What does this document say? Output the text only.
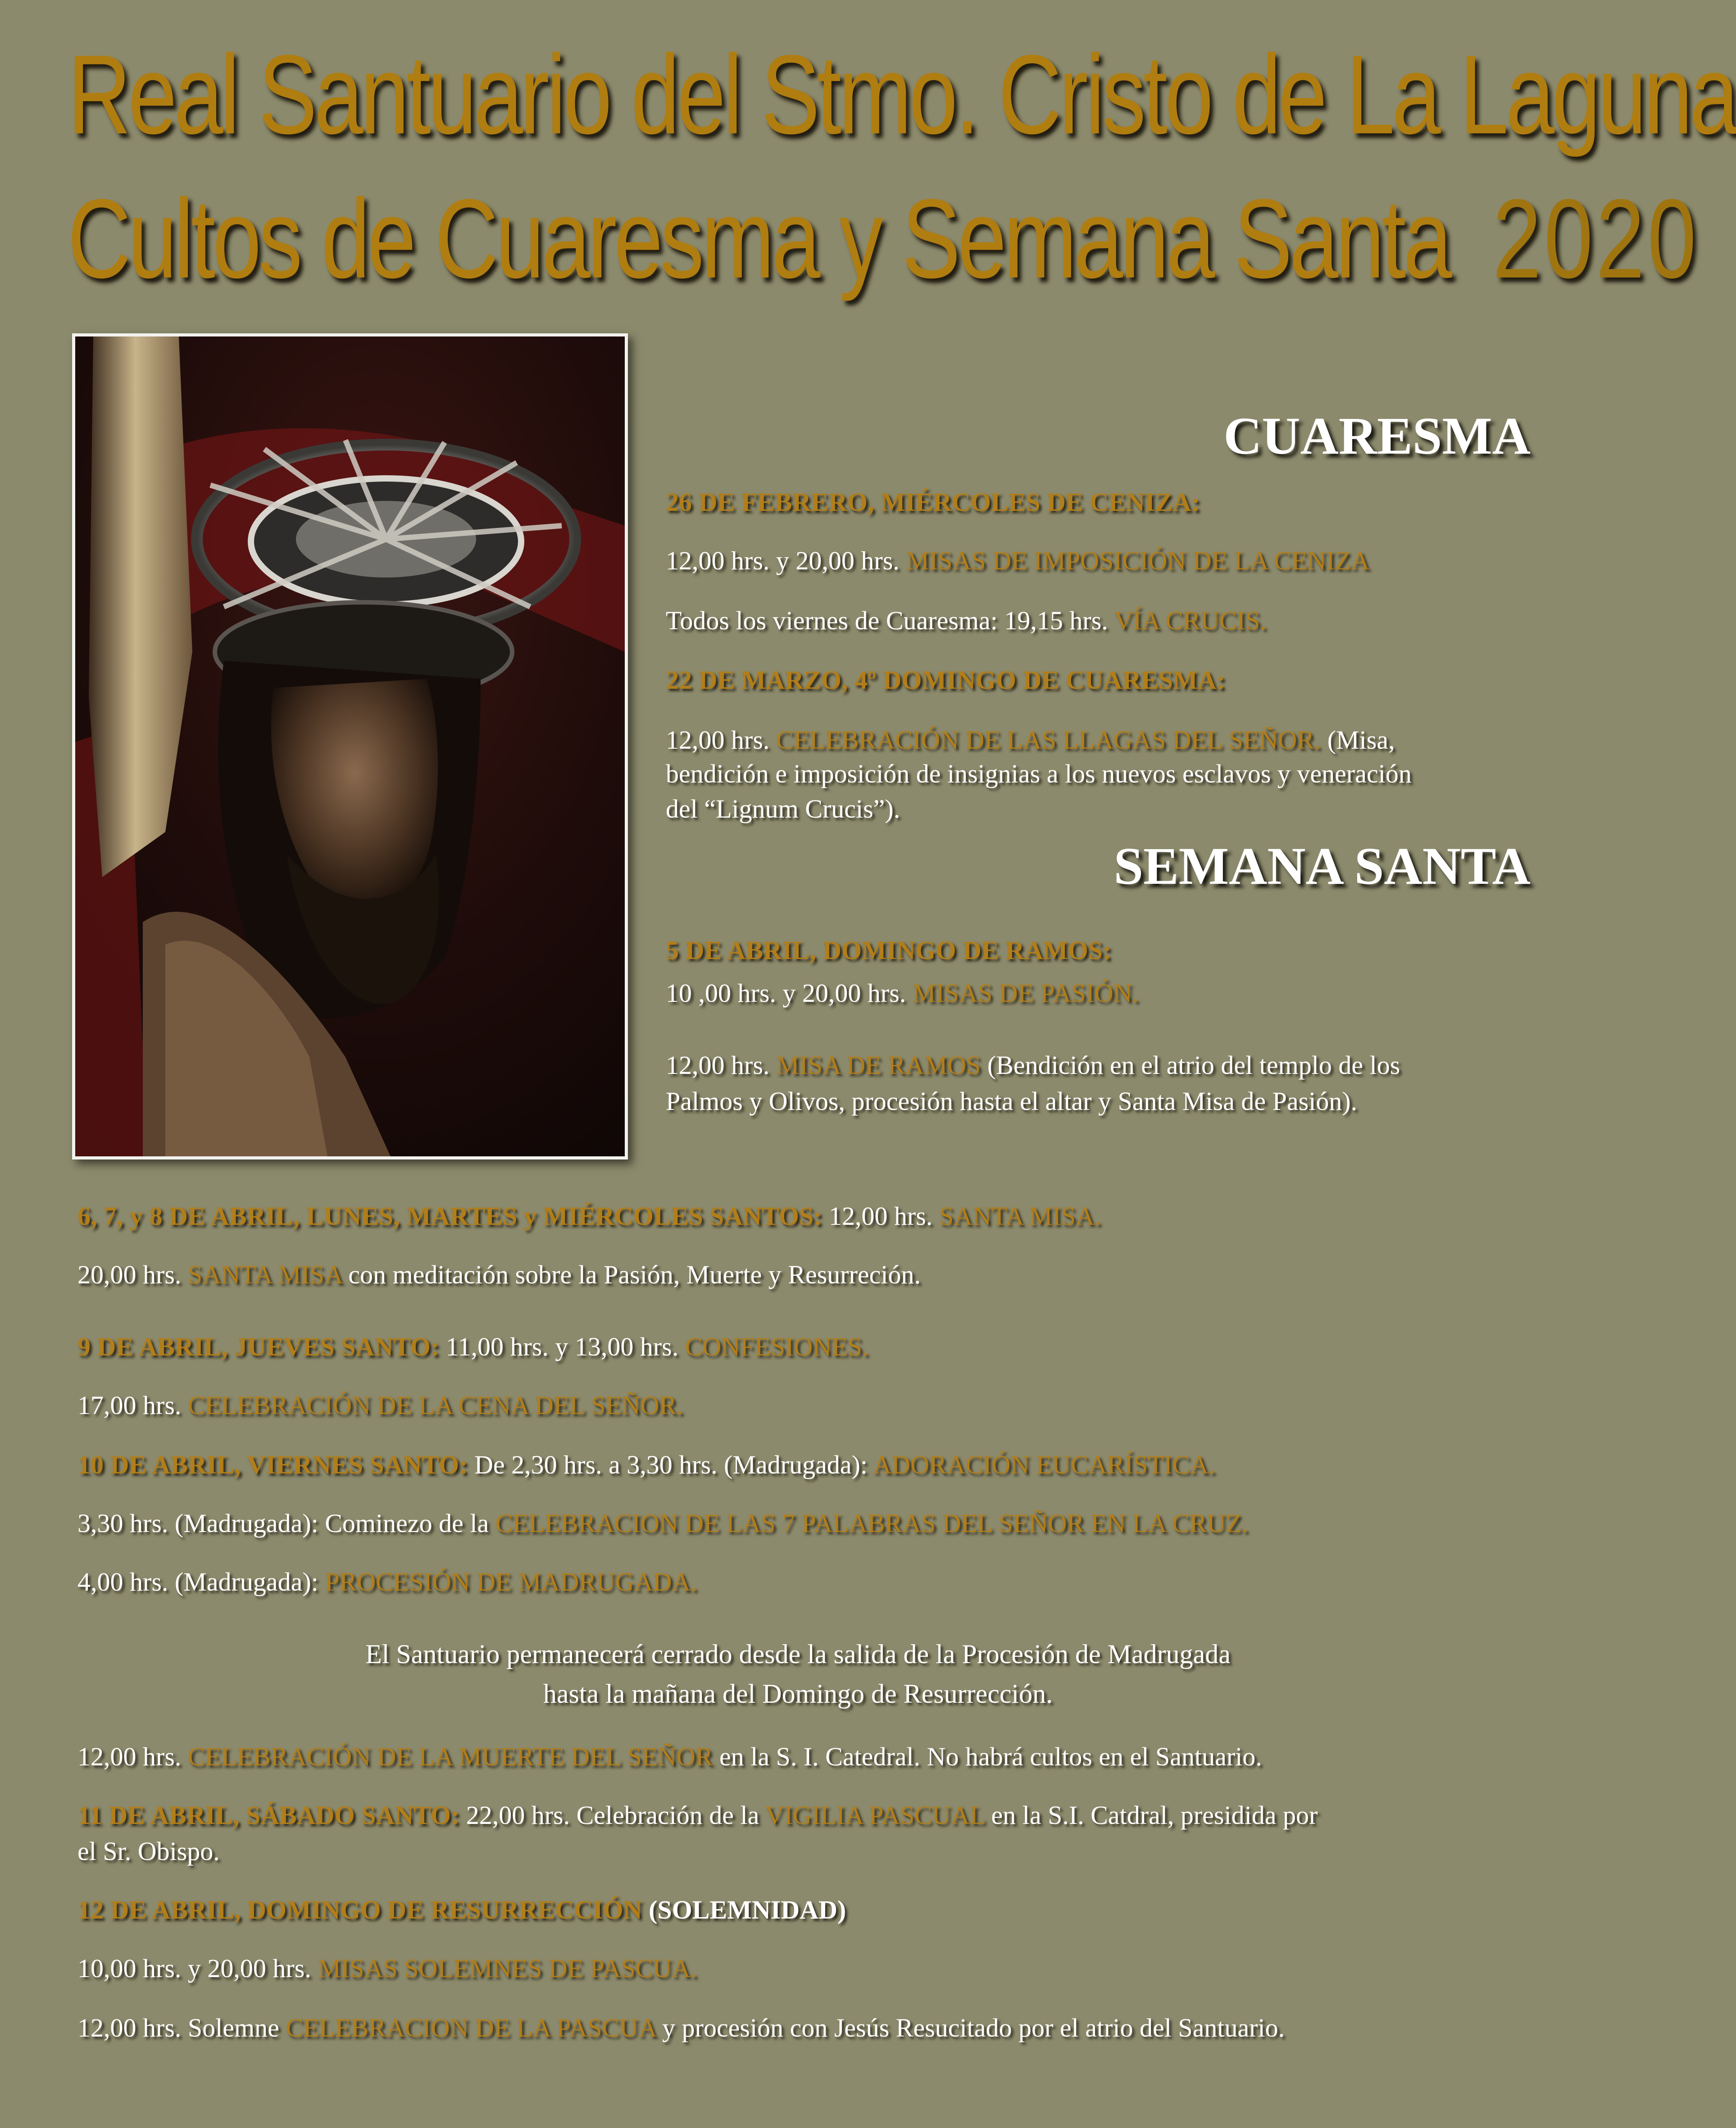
Real Santuario del Stmo. Cristo de La Laguna
Cultos de Cuaresma y Semana Santa 2020
CUARESMA
26 DE FEBRERO, MIÉRCOLES DE CENIZA:
12,00 hrs. y 20,00 hrs. MISAS DE IMPOSICIÓN DE LA CENIZA
Todos los viernes de Cuaresma: 19,15 hrs. VÍA CRUCIS.
22 DE MARZO, 4º DOMINGO DE CUARESMA:
12,00 hrs. CELEBRACIÓN DE LAS LLAGAS DEL SEÑOR. (Misa,
bendición e imposición de insignias a los nuevos esclavos y veneración
del “Lignum Crucis”).
SEMANA SANTA
5 DE ABRIL, DOMINGO DE RAMOS:
10 ,00 hrs. y 20,00 hrs. MISAS DE PASIÓN.
12,00 hrs. MISA DE RAMOS (Bendición en el atrio del templo de los
Palmos y Olivos, procesión hasta el altar y Santa Misa de Pasión).
6, 7, y 8 DE ABRIL, LUNES, MARTES y MIÉRCOLES SANTOS: 12,00 hrs. SANTA MISA.
20,00 hrs. SANTA MISA con meditación sobre la Pasión, Muerte y Resurreción.
9 DE ABRIL, JUEVES SANTO: 11,00 hrs. y 13,00 hrs. CONFESIONES.
17,00 hrs. CELEBRACIÓN DE LA CENA DEL SEÑOR.
10 DE ABRIL, VIERNES SANTO: De 2,30 hrs. a 3,30 hrs. (Madrugada): ADORACIÓN EUCARÍSTICA.
3,30 hrs. (Madrugada): Cominezo de la CELEBRACION DE LAS 7 PALABRAS DEL SEÑOR EN LA CRUZ.
4,00 hrs. (Madrugada): PROCESIÓN DE MADRUGADA.
El Santuario permanecerá cerrado desde la salida de la Procesión de Madrugada
hasta la mañana del Domingo de Resurrección.
12,00 hrs. CELEBRACIÓN DE LA MUERTE DEL SEÑOR en la S. I. Catedral. No habrá cultos en el Santuario.
11 DE ABRIL, SÁBADO SANTO: 22,00 hrs. Celebración de la VIGILIA PASCUAL en la S.I. Catdral, presidida por
el Sr. Obispo.
12 DE ABRIL, DOMINGO DE RESURRECCIÓN (SOLEMNIDAD)
10,00 hrs. y 20,00 hrs. MISAS SOLEMNES DE PASCUA.
12,00 hrs. Solemne CELEBRACION DE LA PASCUA y procesión con Jesús Resucitado por el atrio del Santuario.
